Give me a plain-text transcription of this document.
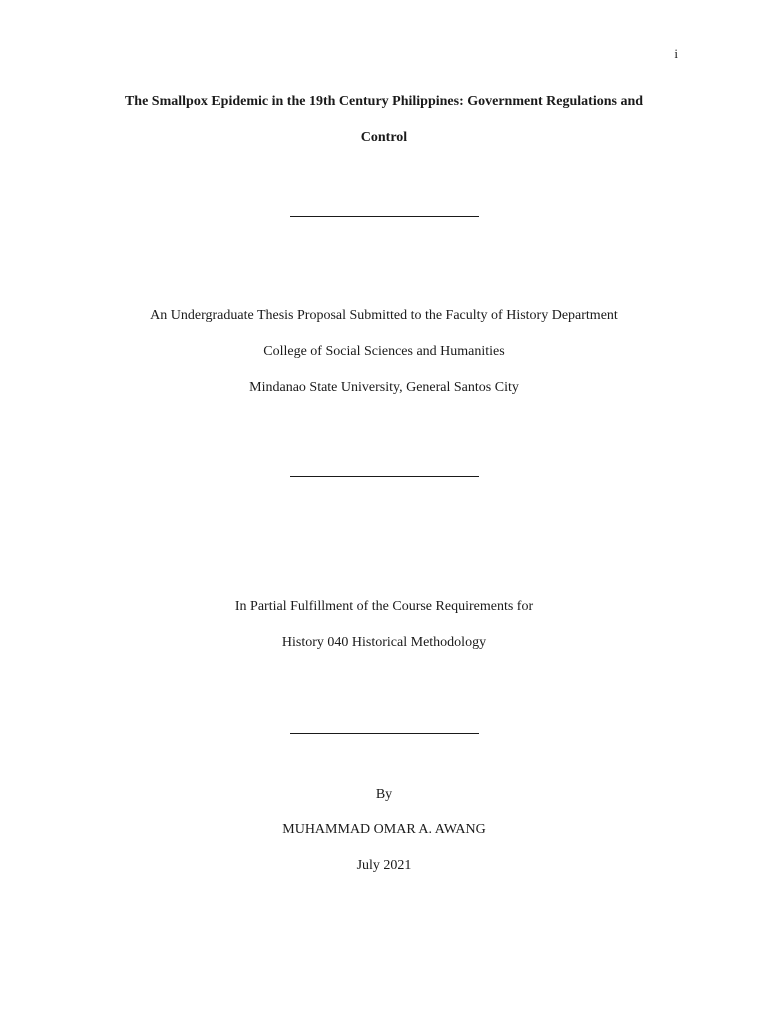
i
The Smallpox Epidemic in the 19th Century Philippines: Government Regulations and
Control
An Undergraduate Thesis Proposal Submitted to the Faculty of History Department
College of Social Sciences and Humanities
Mindanao State University, General Santos City
In Partial Fulfillment of the Course Requirements for
History 040 Historical Methodology
By
MUHAMMAD OMAR A. AWANG
July 2021
